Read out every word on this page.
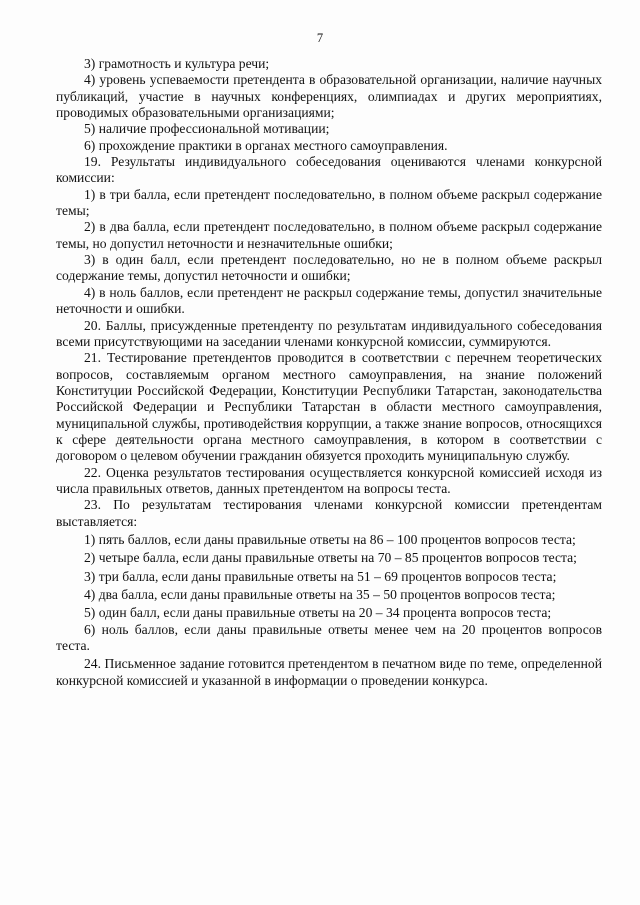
7

3) грамотность и культура речи;

4) уровень успеваемости претендента в образовательной организации, наличие научных публикаций, участие в научных конференциях, олимпиадах и других мероприятиях, проводимых образовательными организациями;

5) наличие профессиональной мотивации;

6) прохождение практики в органах местного самоуправления.

19. Результаты индивидуального собеседования оцениваются членами конкурсной комиссии:

1) в три балла, если претендент последовательно, в полном объеме раскрыл содержание темы;

2) в два балла, если претендент последовательно, в полном объеме раскрыл содержание темы, но допустил неточности и незначительные ошибки;

3) в один балл, если претендент последовательно, но не в полном объеме раскрыл содержание темы, допустил неточности и ошибки;

4) в ноль баллов, если претендент не раскрыл содержание темы, допустил значительные неточности и ошибки.

20. Баллы, присужденные претенденту по результатам индивидуального собеседования всеми присутствующими на заседании членами конкурсной комиссии, суммируются.

21. Тестирование претендентов проводится в соответствии с перечнем теоретических вопросов, составляемым органом местного самоуправления, на знание положений Конституции Российской Федерации, Конституции Республики Татарстан, законодательства Российской Федерации и Республики Татарстан в области местного самоуправления, муниципальной службы, противодействия коррупции, а также знание вопросов, относящихся к сфере деятельности органа местного самоуправления, в котором в соответствии с договором о целевом обучении гражданин обязуется проходить муниципальную службу.

22. Оценка результатов тестирования осуществляется конкурсной комиссией исходя из числа правильных ответов, данных претендентом на вопросы теста.

23. По результатам тестирования членами конкурсной комиссии претендентам выставляется:

1) пять баллов, если даны правильные ответы на 86 – 100 процентов вопросов теста;

2) четыре балла, если даны правильные ответы на 70 – 85 процентов вопросов теста;

3) три балла, если даны правильные ответы на 51 – 69 процентов вопросов теста;

4) два балла, если даны правильные ответы на 35 – 50 процентов вопросов теста;

5) один балл, если даны правильные ответы на 20 – 34 процента вопросов теста;

6) ноль баллов, если даны правильные ответы менее чем на 20 процентов вопросов теста.

24. Письменное задание готовится претендентом в печатном виде по теме, определенной конкурсной комиссией и указанной в информации о проведении конкурса.
